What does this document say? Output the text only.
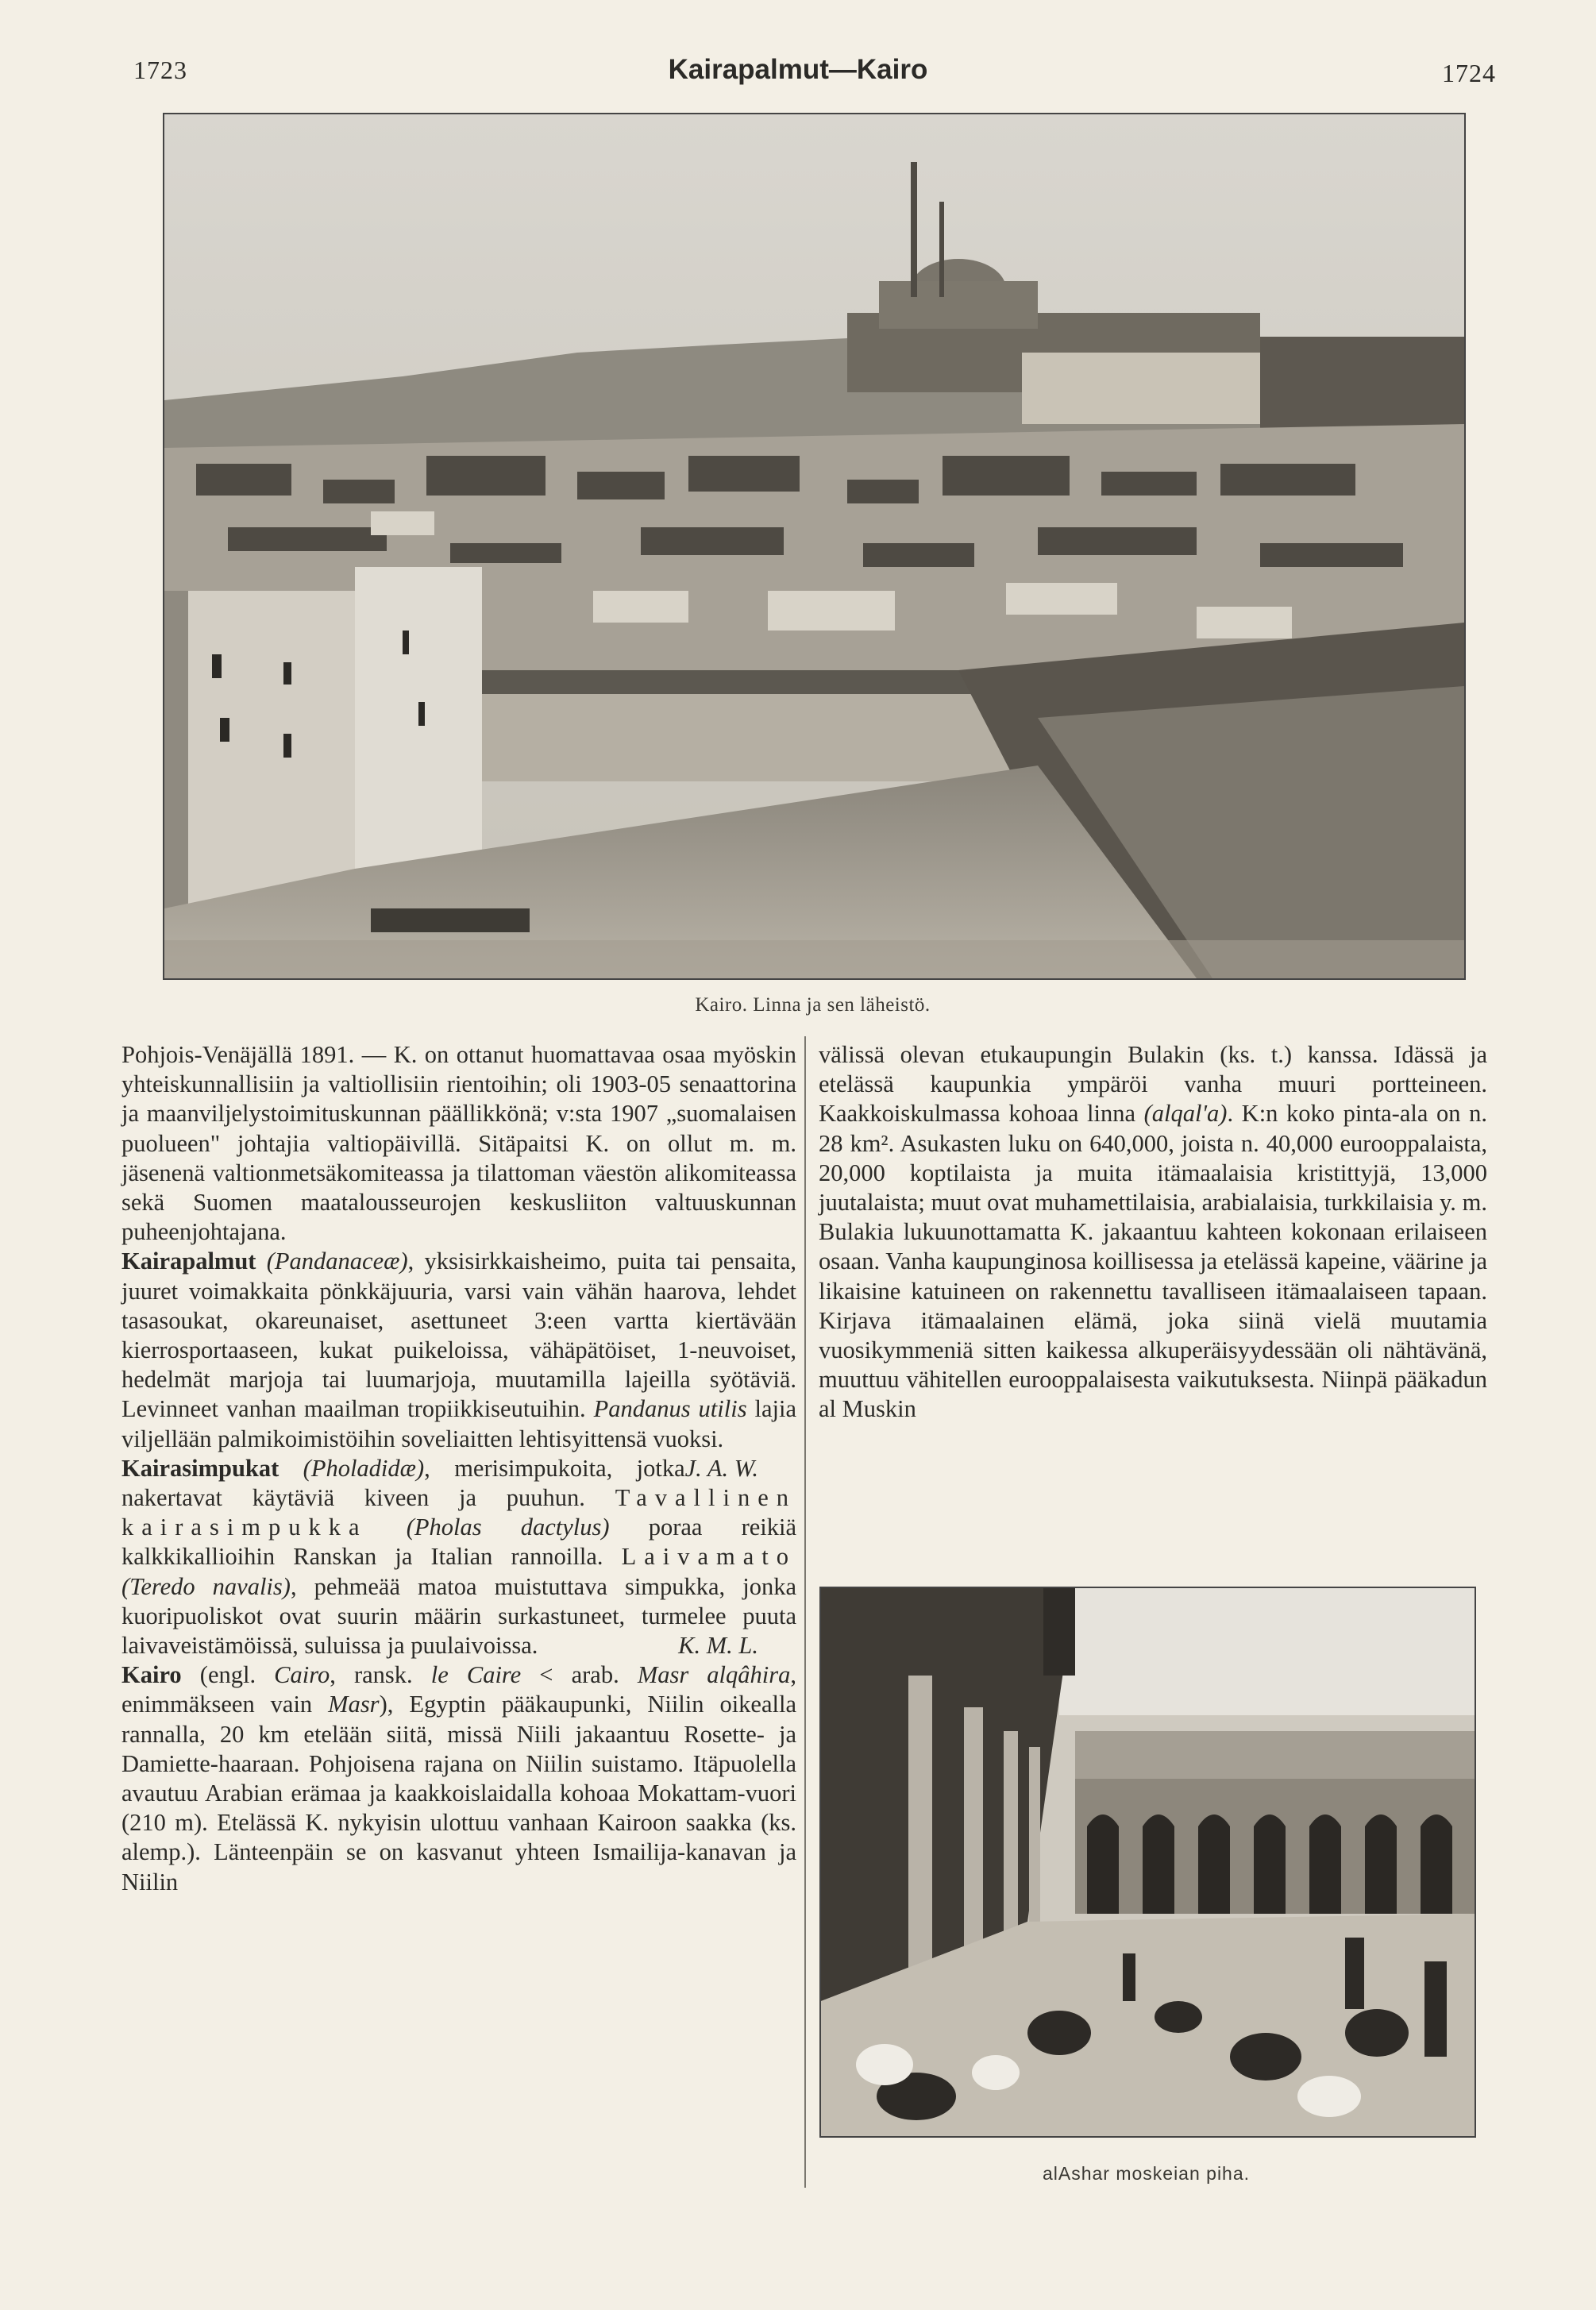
1723	Kairapalmut—Kairo	1724
Kairo. Linna ja sen läheistö.

Pohjois-Venäjällä 1891. — K. on ottanut huomattavaa osaa myöskin yhteiskunnallisiin ja valtiollisiin rientoihin; oli 1903-05 senaattorina ja maanviljelystoimituskunnan päällikkönä; v:sta 1907 „suomalaisen puolueen" johtajia valtiopäivillä. Sitäpaitsi K. on ollut m. m. jäsenenä valtionmetsäkomiteassa ja tilattoman väestön alikomiteassa sekä Suomen maatalousseurojen keskusliiton valtuuskunnan puheenjohtajana.

Kairapalmut (Pandanaceæ), yksisirkkaisheimo, puita tai pensaita, juuret voimakkaita pönkkäjuuria, varsi vain vähän haarova, lehdet tasasoukat, okareunaiset, asettuneet 3:een vartta kiertävään kierrosportaaseen, kukat puikeloissa, vähäpätöiset, 1-neuvoiset, hedelmät marjoja tai luumarjoja, muutamilla lajeilla syötäviä. Levinneet vanhan maailman tropiikkiseutuihin. Pandanus utilis lajia viljellään palmikoimistöihin soveliaitten lehtisyittensä vuoksi.
J. A. W.

Kairasimpukat (Pholadidæ), merisimpukoita, jotka nakertavat käytäviä kiveen ja puuhun. Tavallinen kairasimpukka (Pholas dactylus) poraa reikiä kalkkikallioihin Ranskan ja Italian rannoilla. Laivamato (Teredo navalis), pehmeää matoa muistuttava simpukka, jonka kuoripuoliskot ovat suurin määrin surkastuneet, turmelee puuta laivaveistämöissä, suluissa ja puulaivoissa.	K. M. L.

Kairo (engl. Cairo, ransk. le Caire < arab. Masr alqâhira, enimmäkseen vain Masr), Egyptin pääkaupunki, Niilin oikealla rannalla, 20 km etelään siitä, missä Niili jakaantuu Rosette- ja Damiette-haaraan. Pohjoisena rajana on Niilin suistamo. Itäpuolella avautuu Arabian erämaa ja kaakkoislaidalla kohoaa Mokattam-vuori (210 m). Etelässä K. nykyisin ulottuu vanhaan Kairoon saakka (ks. alemp.). Länteenpäin se on kasvanut yhteen Ismailija-kanavan ja Niilin

välissä olevan etukaupungin Bulakin (ks. t.) kanssa. Idässä ja etelässä kaupunkia ympäröi vanha muuri portteineen. Kaakkoiskulmassa kohoaa linna (alqal'a). K:n koko pinta-ala on n. 28 km². Asukasten luku on 640,000, joista n. 40,000 eurooppalaista, 20,000 koptilaista ja muita itämaalaisia kristittyjä, 13,000 juutalaista; muut ovat muhamettilaisia, arabialaisia, turkkilaisia y. m. Bulakia lukuunottamatta K. jakaantuu kahteen kokonaan erilaiseen osaan. Vanha kaupunginosa koillisessa ja etelässä kapeine, väärine ja likaisine katuineen on rakennettu tavalliseen itämaalaiseen tapaan. Kirjava itämaalainen elämä, joka siinä vielä muutamia vuosikymmeniä sitten kaikessa alkuperäisyydessään oli nähtävänä, muuttuu vähitellen eurooppalaisesta vaikutuksesta. Niinpä pääkadun al Muskin

alAshar moskeian piha.
